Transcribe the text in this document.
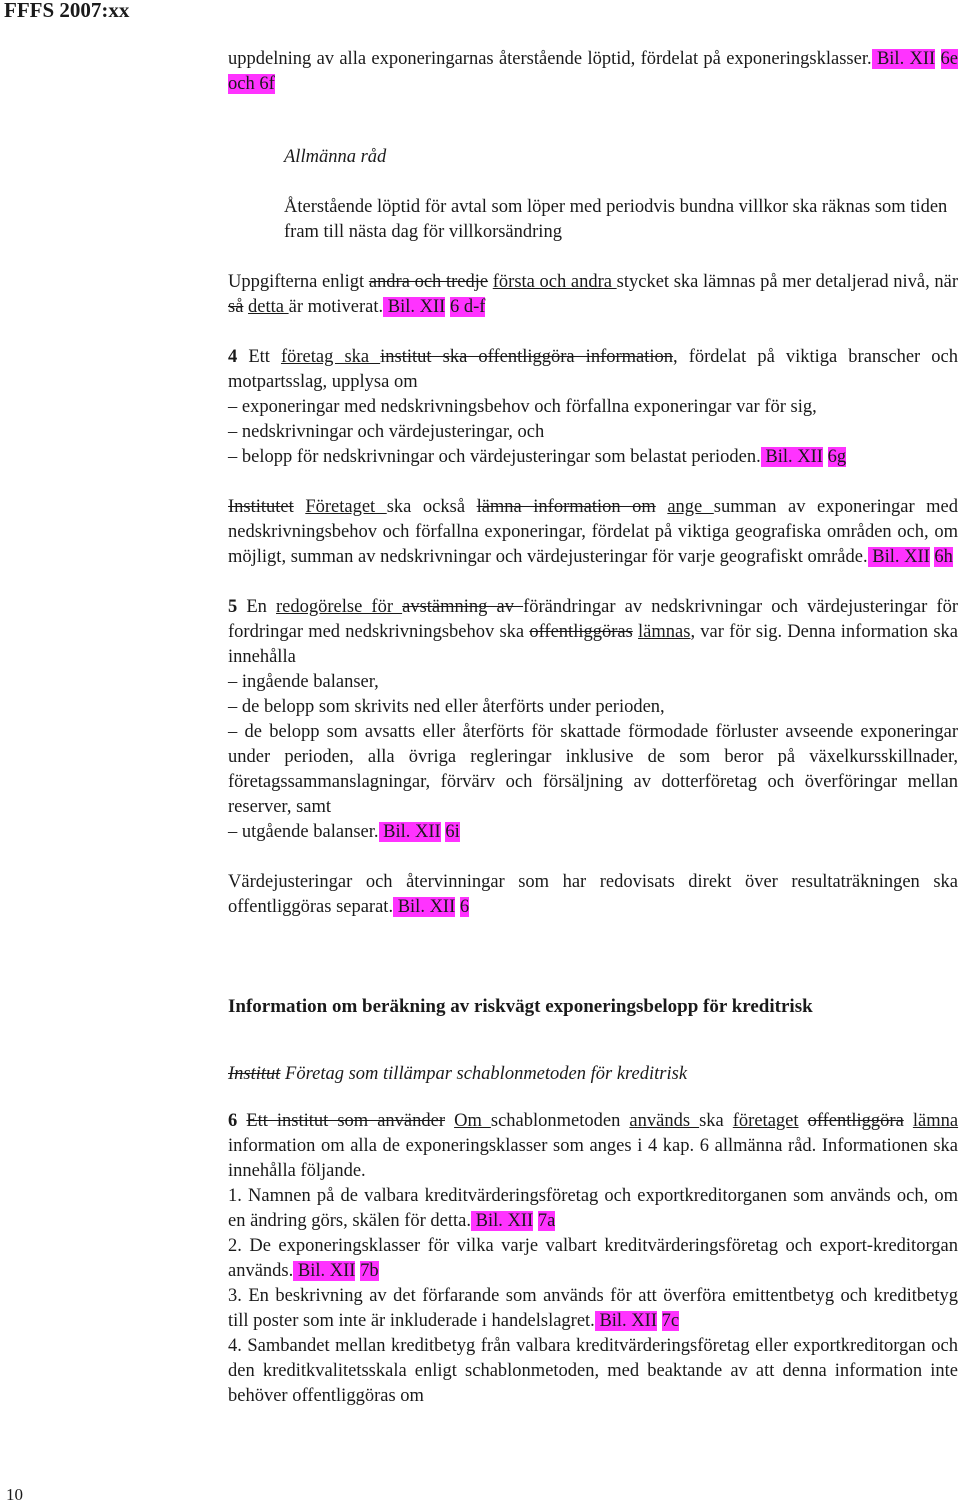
FFFS 2007:xx

uppdelning av alla exponeringarnas återstående löptid, fördelat på exponeringsklasser. Bil. XII 6e och 6f

Allmänna råd

Återstående löptid för avtal som löper med periodvis bundna villkor ska räknas som tiden fram till nästa dag för villkorsändring

Uppgifterna enligt andra och tredje första och andra stycket ska lämnas på mer detaljerad nivå, när så detta är motiverat. Bil. XII 6 d-f

4 Ett företag ska institut ska offentliggöra information, fördelat på viktiga branscher och motpartsslag, upplysa om

– exponeringar med nedskrivningsbehov och förfallna exponeringar var för sig,

– nedskrivningar och värdejusteringar, och

– belopp för nedskrivningar och värdejusteringar som belastat perioden. Bil. XII 6g

Institutet Företaget ska också lämna information om ange summan av exponeringar med nedskrivningsbehov och förfallna exponeringar, fördelat på viktiga geografiska områden och, om möjligt, summan av nedskrivningar och värdejusteringar för varje geografiskt område. Bil. XII 6h

5 En redogörelse för avstämning av förändringar av nedskrivningar och värdejusteringar för fordringar med nedskrivningsbehov ska offentliggöras lämnas, var för sig. Denna information ska innehålla

– ingående balanser,

– de belopp som skrivits ned eller återförts under perioden,

– de belopp som avsatts eller återförts för skattade förmodade förluster avseende exponeringar under perioden, alla övriga regleringar inklusive de som beror på växelkursskillnader, företagssammanslagningar, förvärv och försäljning av dotterföretag och överföringar mellan reserver, samt

– utgående balanser. Bil. XII 6i

Värdejusteringar och återvinningar som har redovisats direkt över resultaträkningen ska offentliggöras separat. Bil. XII 6

Information om beräkning av riskvägt exponeringsbelopp för kreditrisk

Institut Företag som tillämpar schablonmetoden för kreditrisk

6 Ett institut som använder Om schablonmetoden används ska företaget offentliggöra lämna information om alla de exponeringsklasser som anges i 4 kap. 6 allmänna råd. Informationen ska innehålla följande.

1. Namnen på de valbara kreditvärderingsföretag och exportkreditorganen som används och, om en ändring görs, skälen för detta. Bil. XII 7a

2. De exponeringsklasser för vilka varje valbart kreditvärderingsföretag och export-kreditorgan används. Bil. XII 7b

3. En beskrivning av det förfarande som används för att överföra emittentbetyg och kreditbetyg till poster som inte är inkluderade i handelslagret. Bil. XII 7c

4. Sambandet mellan kreditbetyg från valbara kreditvärderingsföretag eller exportkreditorgan och den kreditkvalitetsskala enligt schablonmetoden, med beaktande av att denna information inte behöver offentliggöras om

10
